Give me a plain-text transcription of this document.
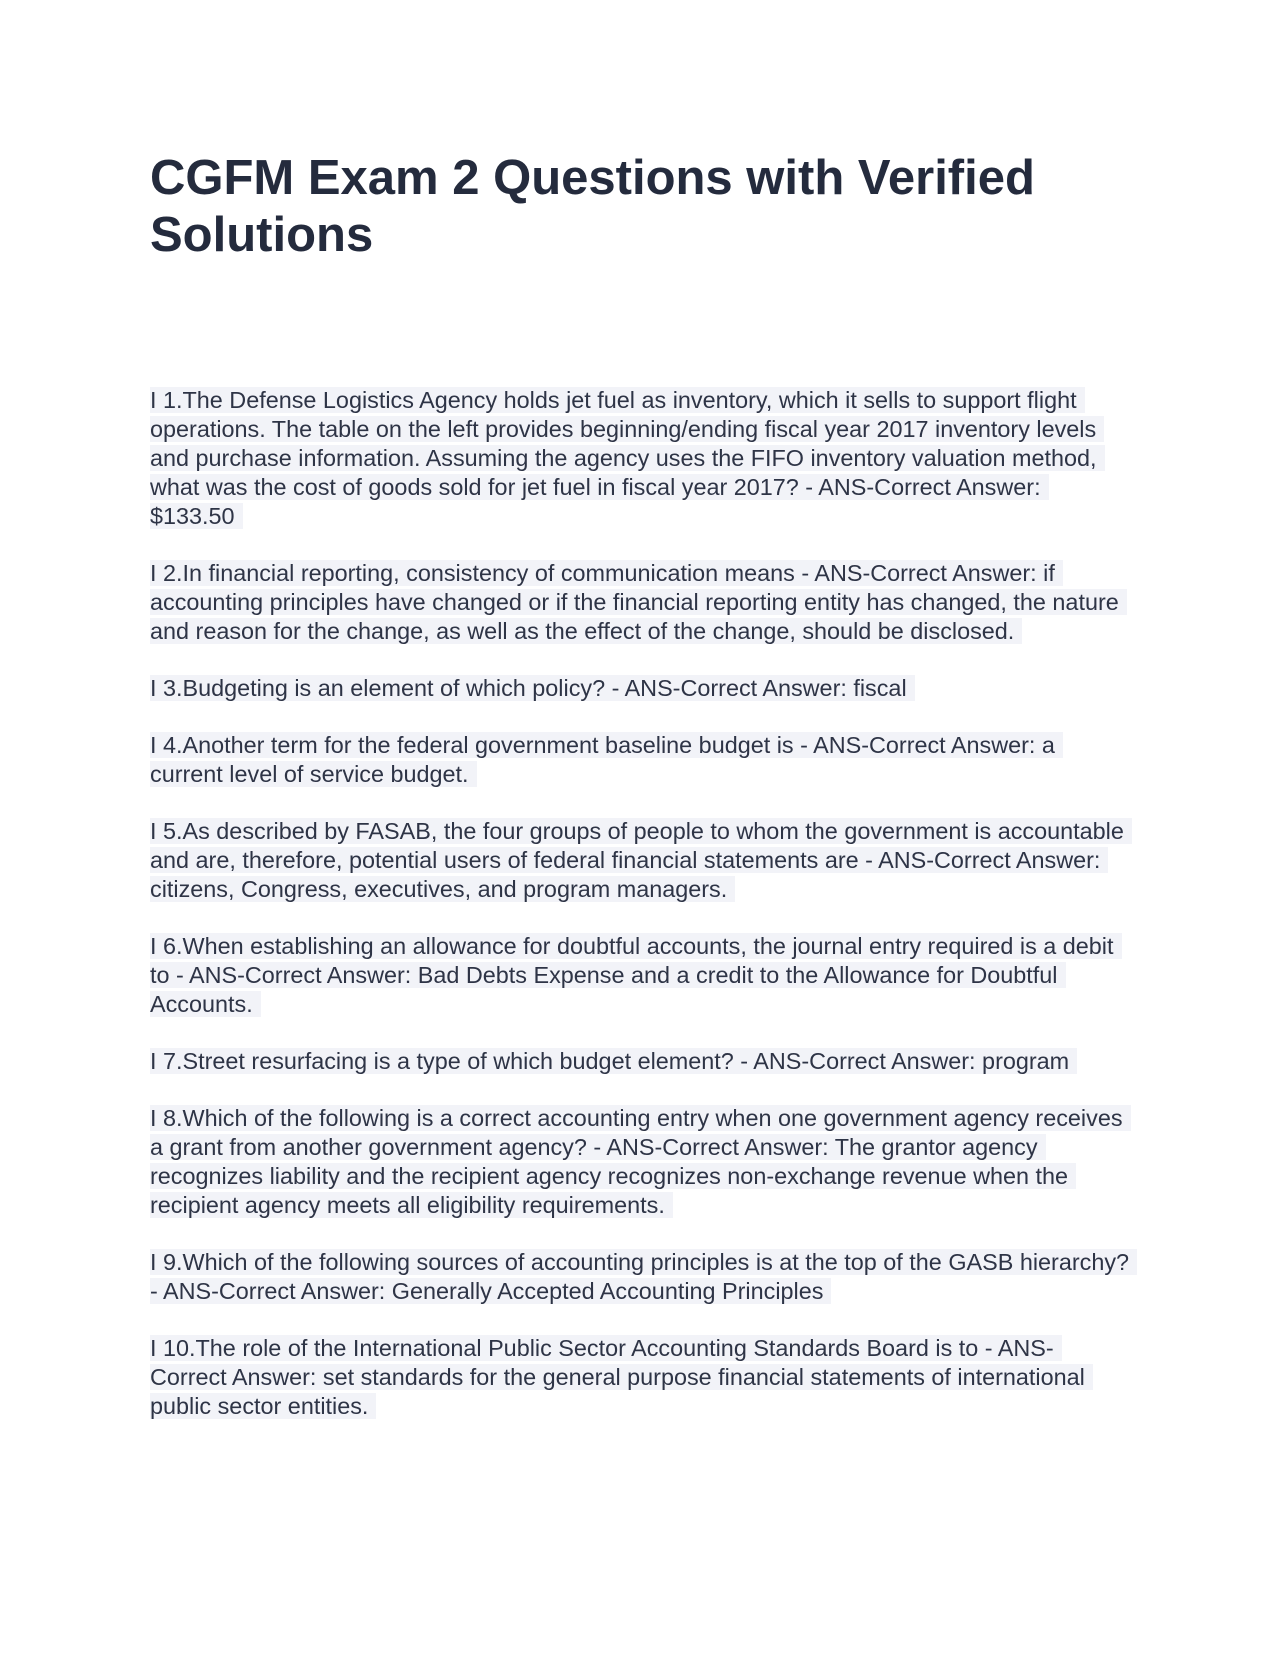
CGFM Exam 2 Questions with Verified Solutions

I 1.The Defense Logistics Agency holds jet fuel as inventory, which it sells to support flight operations. The table on the left provides beginning/ending fiscal year 2017 inventory levels and purchase information. Assuming the agency uses the FIFO inventory valuation method, what was the cost of goods sold for jet fuel in fiscal year 2017? - ANS-Correct Answer: $133.50

I 2.In financial reporting, consistency of communication means - ANS-Correct Answer: if accounting principles have changed or if the financial reporting entity has changed, the nature and reason for the change, as well as the effect of the change, should be disclosed.

I 3.Budgeting is an element of which policy? - ANS-Correct Answer: fiscal

I 4.Another term for the federal government baseline budget is - ANS-Correct Answer: a current level of service budget.

I 5.As described by FASAB, the four groups of people to whom the government is accountable and are, therefore, potential users of federal financial statements are - ANS-Correct Answer: citizens, Congress, executives, and program managers.

I 6.When establishing an allowance for doubtful accounts, the journal entry required is a debit to - ANS-Correct Answer: Bad Debts Expense and a credit to the Allowance for Doubtful Accounts.

I 7.Street resurfacing is a type of which budget element? - ANS-Correct Answer: program

I 8.Which of the following is a correct accounting entry when one government agency receives a grant from another government agency? - ANS-Correct Answer: The grantor agency recognizes liability and the recipient agency recognizes non-exchange revenue when the recipient agency meets all eligibility requirements.

I 9.Which of the following sources of accounting principles is at the top of the GASB hierarchy? - ANS-Correct Answer: Generally Accepted Accounting Principles

I 10.The role of the International Public Sector Accounting Standards Board is to - ANS-Correct Answer: set standards for the general purpose financial statements of international public sector entities.
